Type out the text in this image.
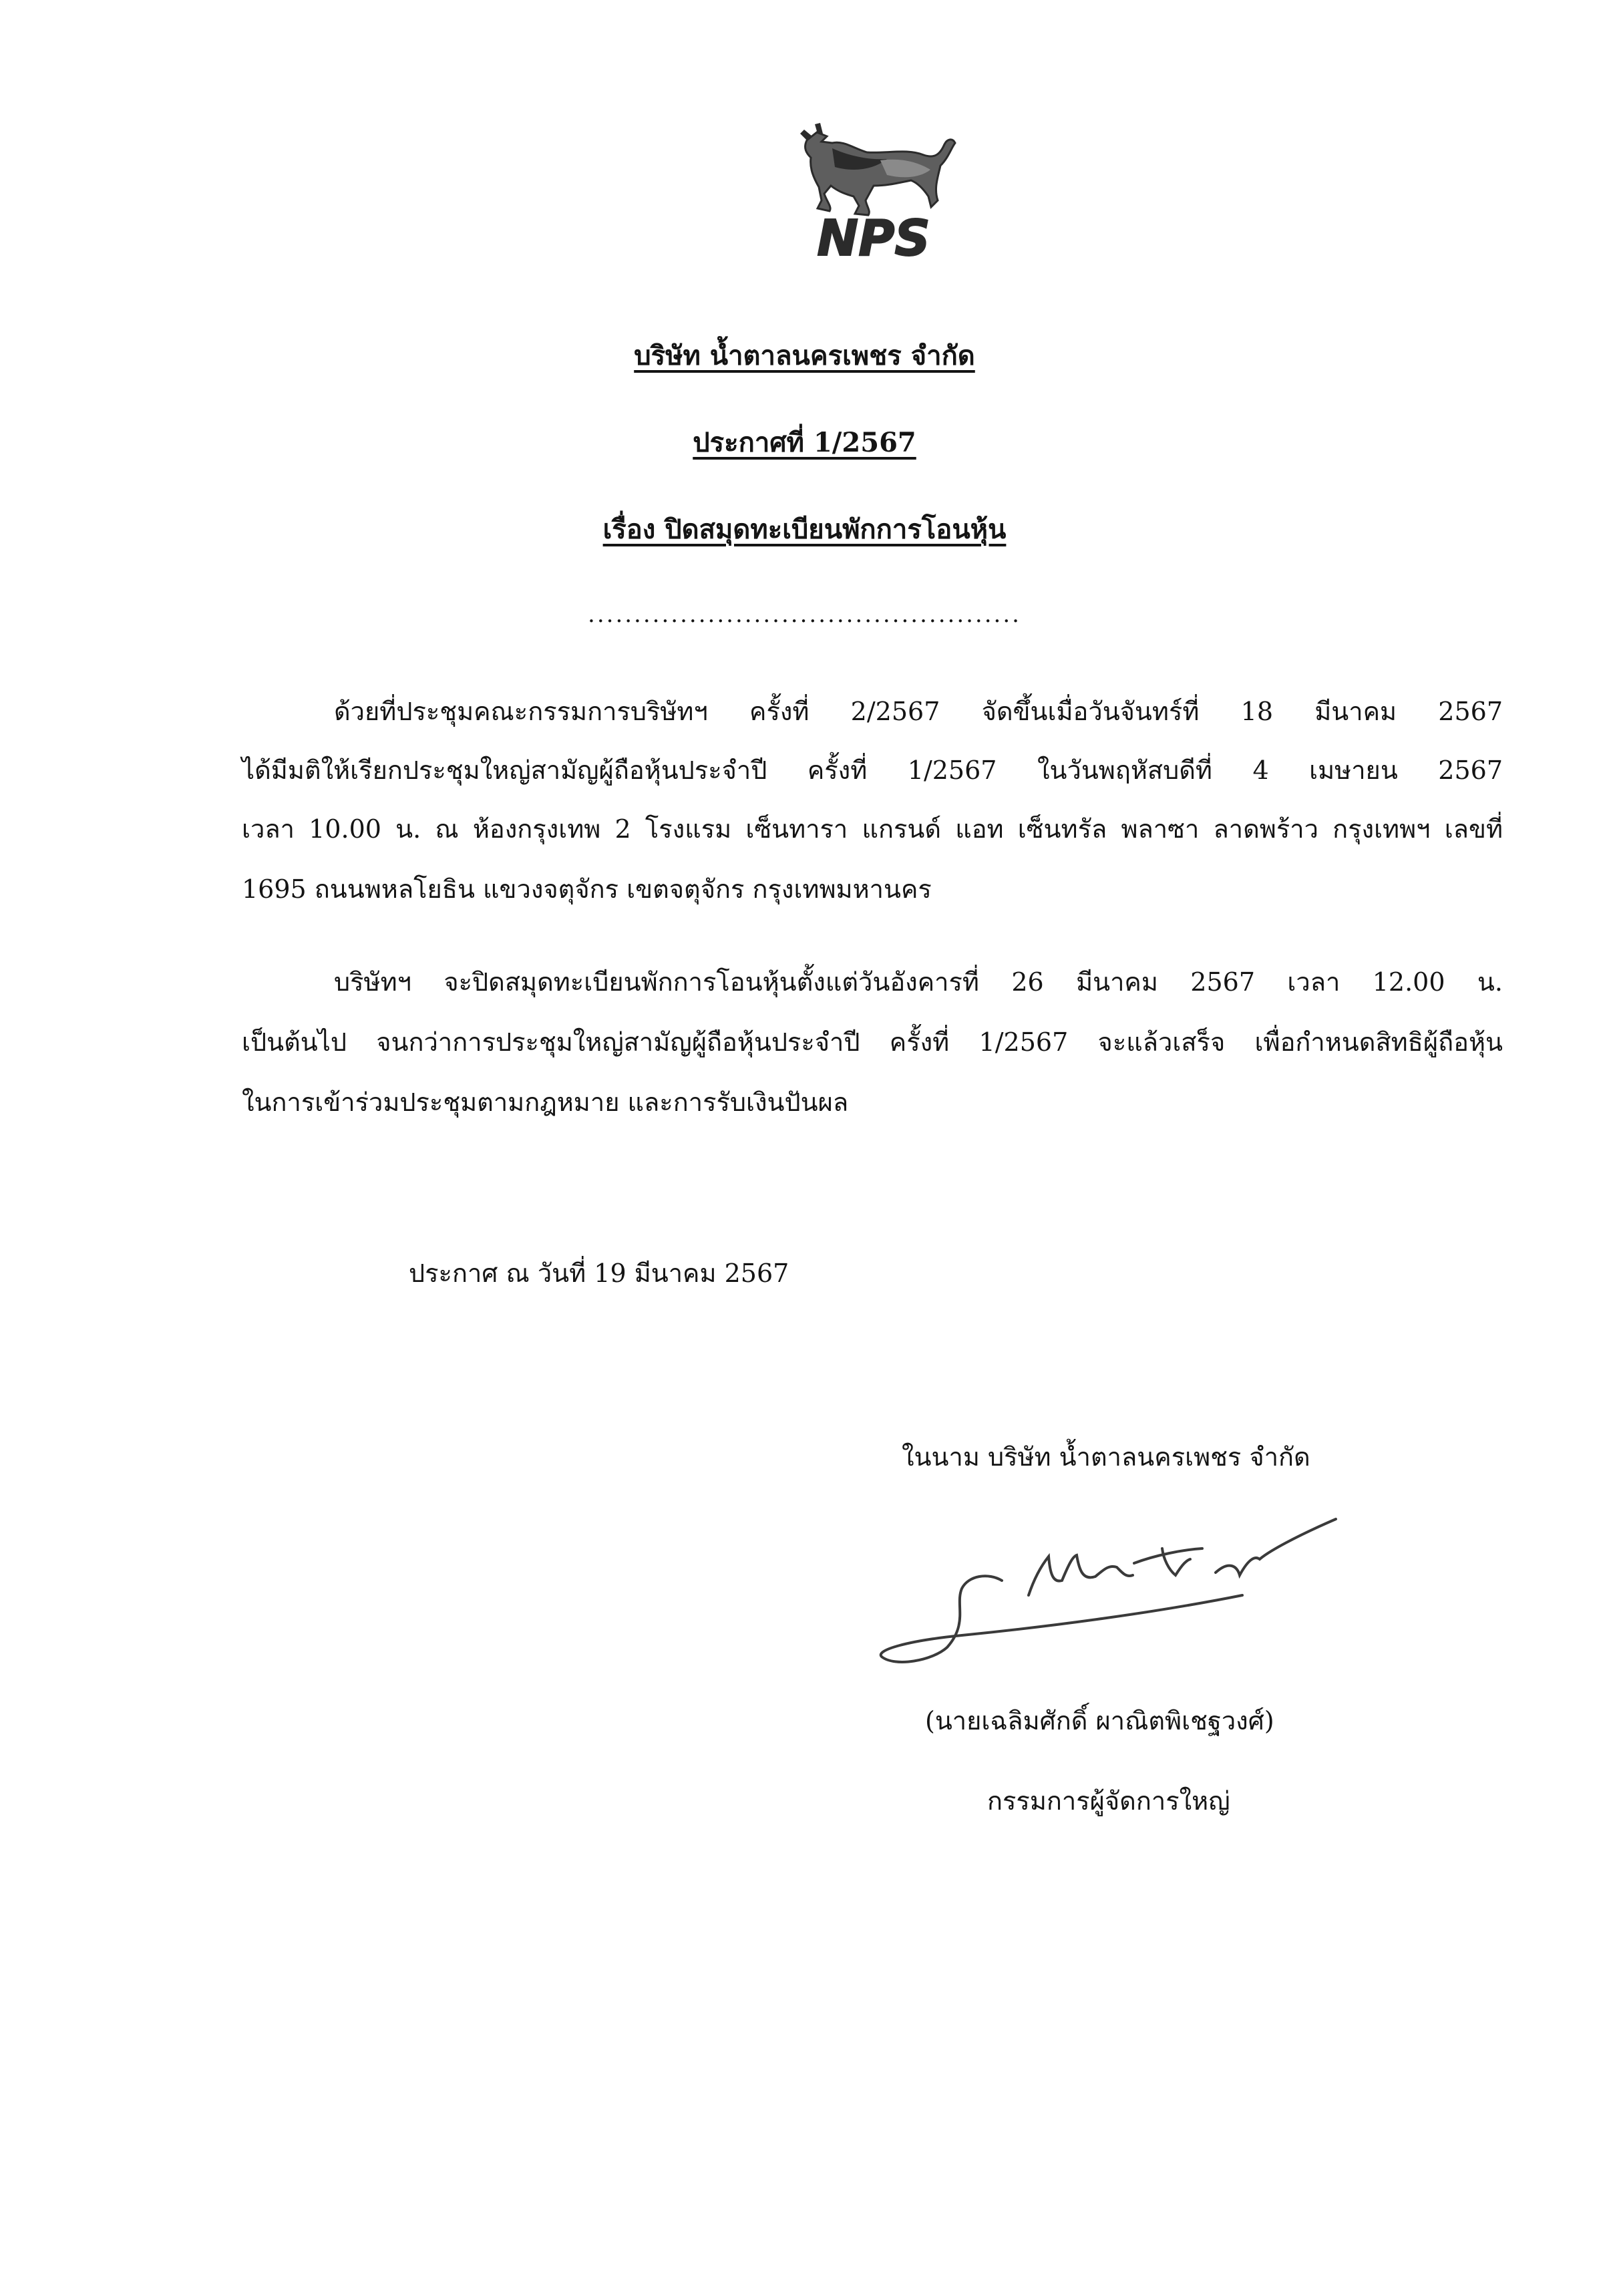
NPS
บริษัท น้ำตาลนครเพชร จำกัด
ประกาศที่ 1/2567
เรื่อง ปิดสมุดทะเบียนพักการโอนหุ้น
...............................................
ด้วยที่ประชุมคณะกรรมการบริษัทฯ ครั้งที่ 2/2567 จัดขึ้นเมื่อวันจันทร์ที่ 18 มีนาคม 2567
ได้มีมติให้เรียกประชุมใหญ่สามัญผู้ถือหุ้นประจำปี ครั้งที่ 1/2567 ในวันพฤหัสบดีที่ 4 เมษายน 2567
เวลา 10.00 น. ณ ห้องกรุงเทพ 2 โรงแรม เซ็นทารา แกรนด์ แอท เซ็นทรัล พลาซา ลาดพร้าว กรุงเทพฯ เลขที่
1695 ถนนพหลโยธิน แขวงจตุจักร เขตจตุจักร กรุงเทพมหานคร
บริษัทฯ จะปิดสมุดทะเบียนพักการโอนหุ้นตั้งแต่วันอังคารที่ 26 มีนาคม 2567 เวลา 12.00 น.
เป็นต้นไป จนกว่าการประชุมใหญ่สามัญผู้ถือหุ้นประจำปี ครั้งที่ 1/2567 จะแล้วเสร็จ เพื่อกำหนดสิทธิผู้ถือหุ้น
ในการเข้าร่วมประชุมตามกฎหมาย และการรับเงินปันผล
ประกาศ ณ วันที่ 19 มีนาคม 2567
ในนาม บริษัท น้ำตาลนครเพชร จำกัด
(นายเฉลิมศักดิ์ ผาณิตพิเชฐวงศ์)
กรรมการผู้จัดการใหญ่
